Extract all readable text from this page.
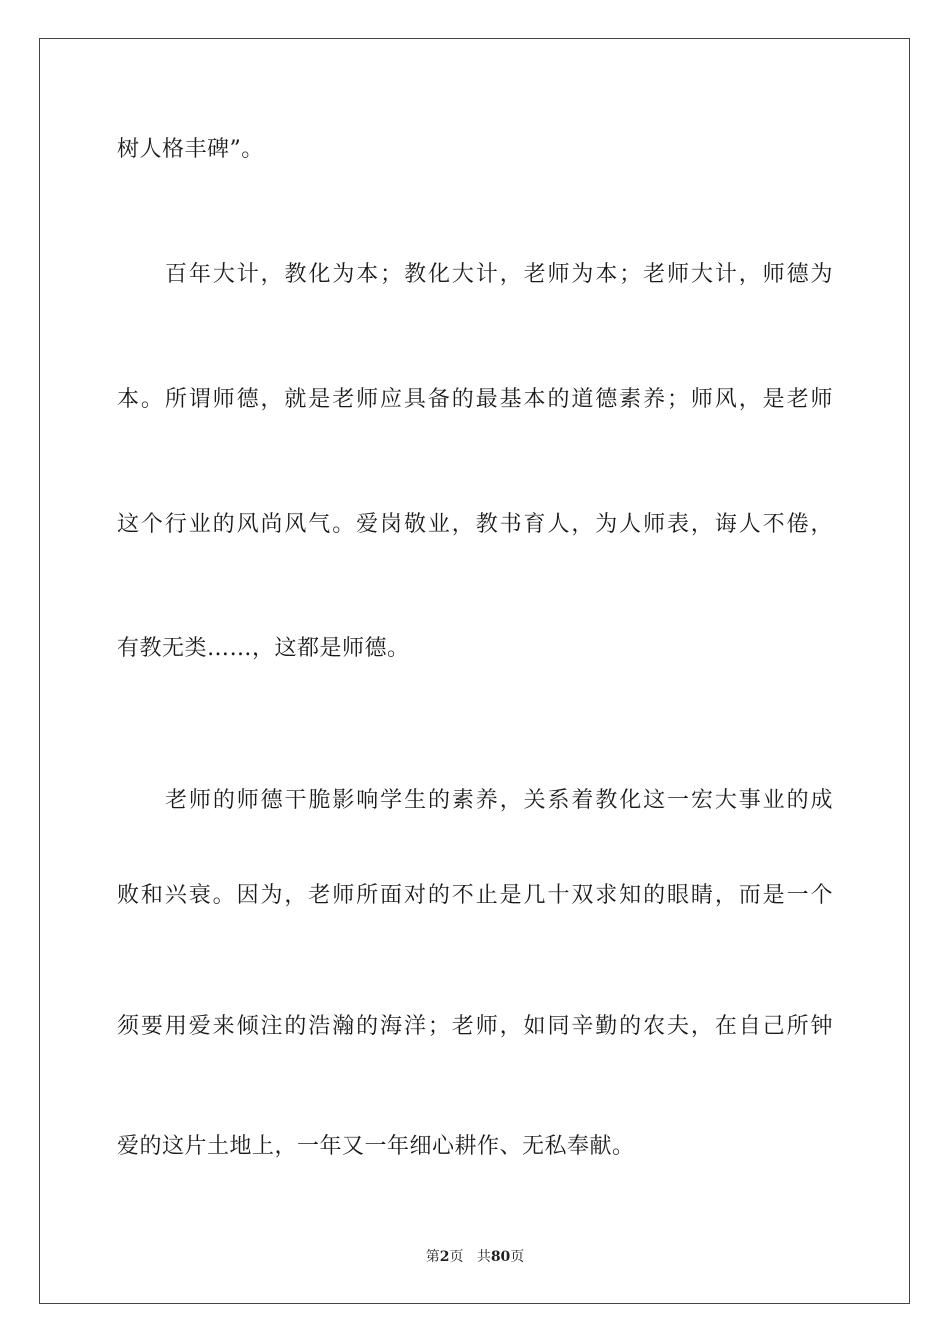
树人格丰碑”。
百年大计，教化为本；教化大计，老师为本；老师大计，师德为
本。所谓师德，就是老师应具备的最基本的道德素养；师风，是老师
这个行业的风尚风气。爱岗敬业，教书育人，为人师表，诲人不倦，
有教无类……，这都是师德。
老师的师德干脆影响学生的素养，关系着教化这一宏大事业的成
败和兴衰。因为，老师所面对的不止是几十双求知的眼睛，而是一个
须要用爱来倾注的浩瀚的海洋；老师，如同辛勤的农夫，在自己所钟
爱的这片土地上，一年又一年细心耕作、无私奉献。
第2页 共80页
